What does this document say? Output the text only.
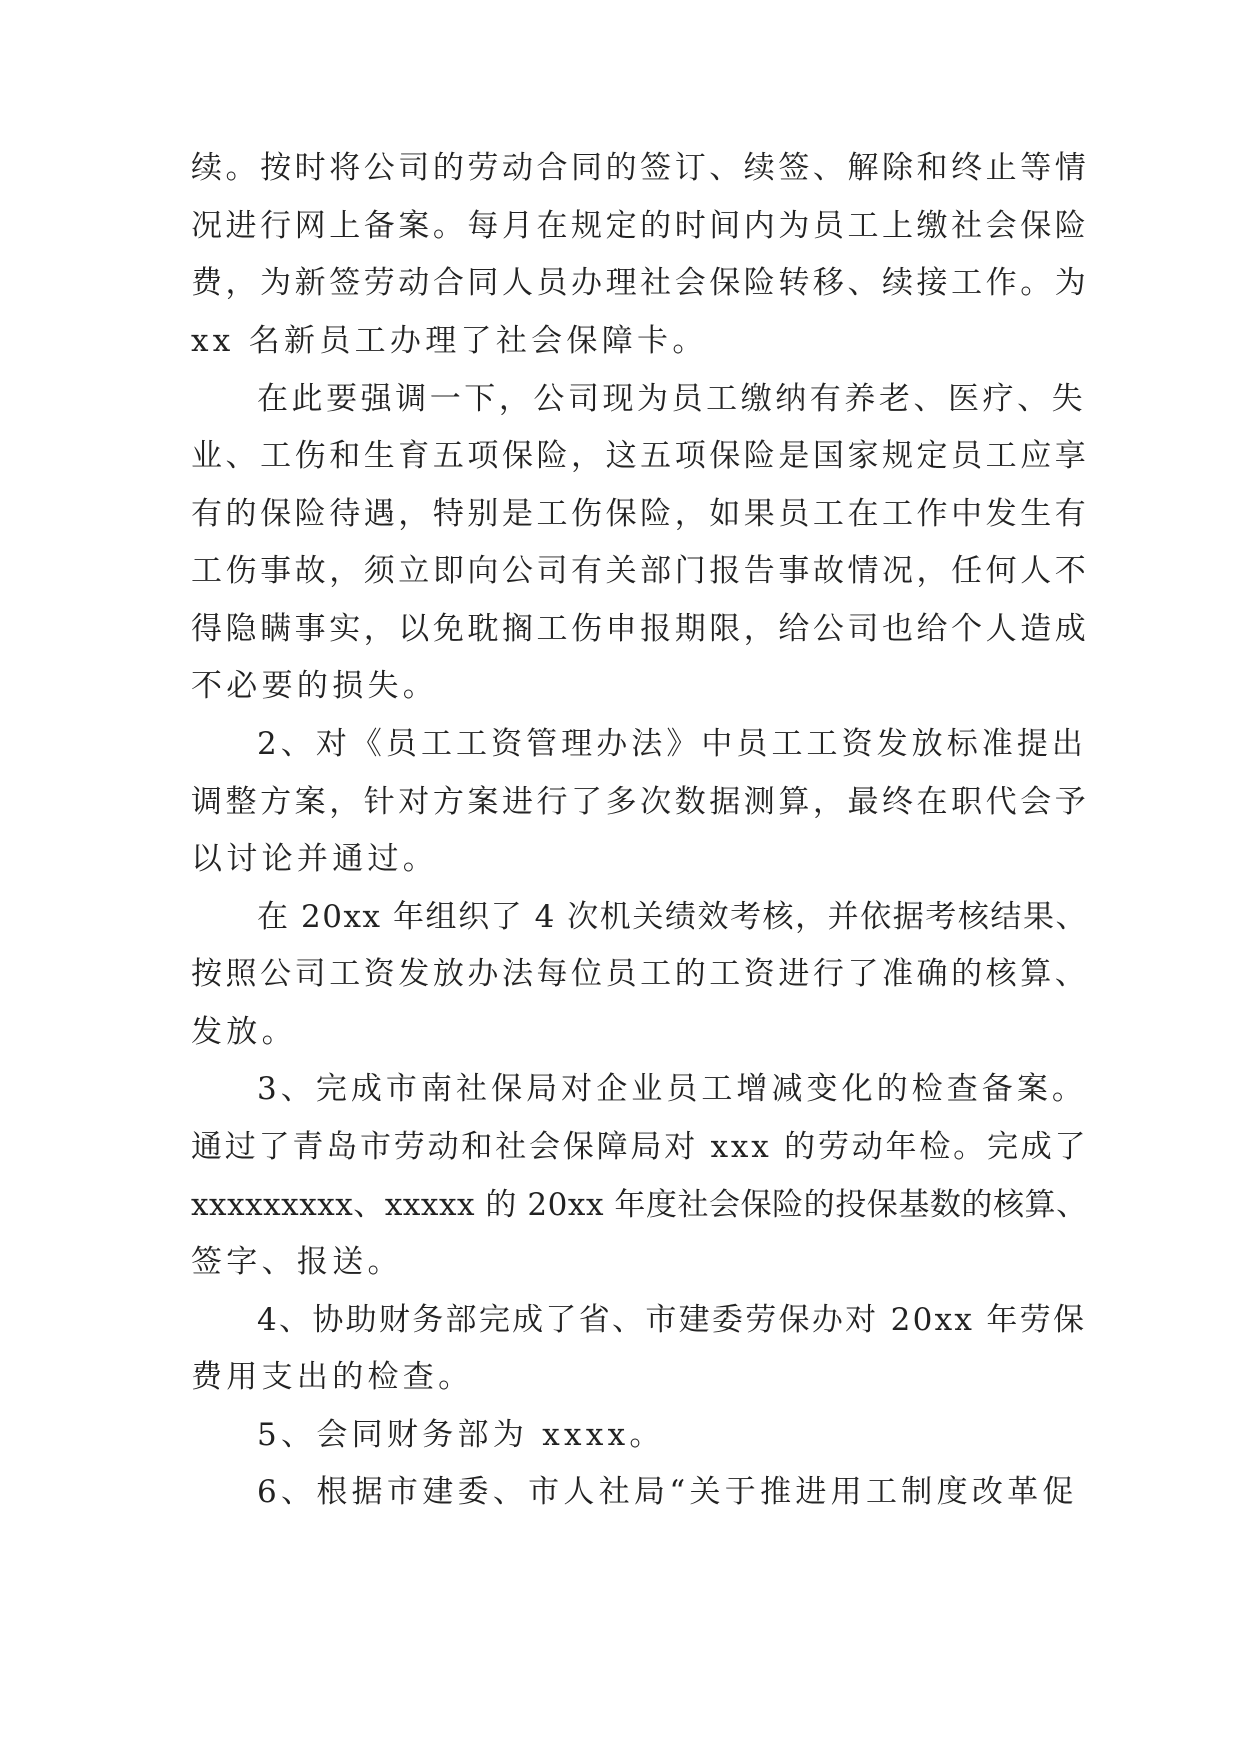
续。按时将公司的劳动合同的签订、续签、解除和终止等情
况进行网上备案。每月在规定的时间内为员工上缴社会保险
费，为新签劳动合同人员办理社会保险转移、续接工作。为
xx 名新员工办理了社会保障卡。
在此要强调一下，公司现为员工缴纳有养老、医疗、失
业、工伤和生育五项保险，这五项保险是国家规定员工应享
有的保险待遇，特别是工伤保险，如果员工在工作中发生有
工伤事故，须立即向公司有关部门报告事故情况，任何人不
得隐瞒事实，以免耽搁工伤申报期限，给公司也给个人造成
不必要的损失。
2、对《员工工资管理办法》中员工工资发放标准提出
调整方案，针对方案进行了多次数据测算，最终在职代会予
以讨论并通过。
在 20xx 年组织了 4 次机关绩效考核，并依据考核结果、
按照公司工资发放办法每位员工的工资进行了准确的核算、
发放。
3、完成市南社保局对企业员工增减变化的检查备案。
通过了青岛市劳动和社会保障局对 xxx 的劳动年检。完成了
xxxxxxxxx、xxxxx 的 20xx 年度社会保险的投保基数的核算、
签字、报送。
4、协助财务部完成了省、市建委劳保办对 20xx 年劳保
费用支出的检查。
5、会同财务部为 xxxx。
6、根据市建委、市人社局“关于推进用工制度改革促
